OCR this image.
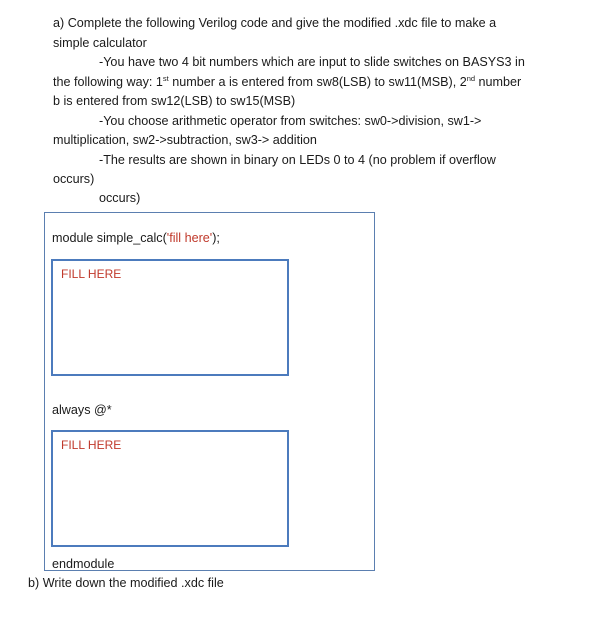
a) Complete the following Verilog code and give the modified .xdc file to make a
simple calculator
-You have two 4 bit numbers which are input to slide switches on BASYS3 in
the following way: 1st number a is entered from sw8(LSB) to sw11(MSB), 2nd number
b is entered from sw12(LSB) to sw15(MSB)
-You choose arithmetic operator from switches: sw0->division, sw1->
multiplication, sw2->subtraction, sw3-> addition
-The results are shown in binary on LEDs 0 to 4 (no problem if overflow
occurs)
occurs)
module simple_calc('fill here');
FILL HERE
always @*
FILL HERE
endmodule
b) Write down the modified .xdc file
